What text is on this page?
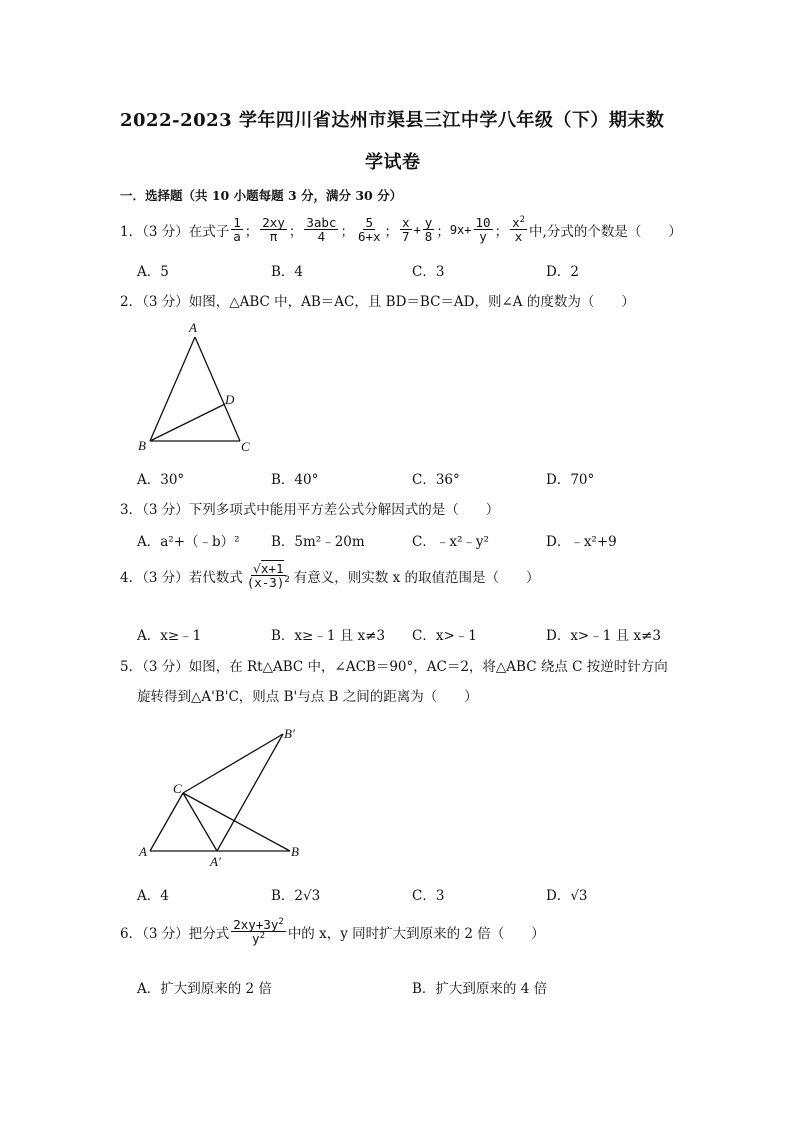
2022-2023 学年四川省达州市渠县三江中学八年级（下）期末数
学试卷
一．选择题（共 10 小题每题 3 分，满分 30 分）
1．（3 分）在式子 $\frac{1}{a}$ ； $\frac{2xy}{\pi}$ ； $\frac{\text{3abc}}{4}$ ； $\frac{5}{6+x}$ ； $\frac{x}{7} + \frac{y}{8}$ ； $9x+ \frac{10}{y}$ ； $\frac{x^2}{x}$ 中,分式的个数是（　　）
A．5	B．4	C．3	D．2
2．（3 分）如图，△ABC 中，AB＝AC，且 BD＝BC＝AD，则∠A 的度数为（　　）
A
B	C
D
A．30°	B．40°	C．36°	D．70°
3．（3 分）下列多项式中能用平方差公式分解因式的是（　　）
A．a²+（﹣b）² B．5m²﹣20m	C．﹣x²﹣y²	D．﹣x²+9
4．（3 分）若代数式 $\frac{√x+1}{(x-3)^2}$ 有意义，则实数 x 的取值范围是（　　）
A．x≥﹣1	B．x≥﹣1 且 x≠3 C．x>﹣1	D．x>﹣1 且 x≠3
5．（3 分）如图，在 Rt△ABC 中，∠ACB＝90°，AC＝2，将△ABC 绕点 C 按逆时针方向
旋转得到△A'B'C，则点 B'与点 B 之间的距离为（　　）
A
A′
B
B′
C
A．4	B．2√3	C．3	D．√3
6．（3 分）把分式 $\frac{2xy+3y^2}{y^2}$ 中的 x，y 同时扩大到原来的 2 倍（　　）
A．扩大到原来的 2 倍	B．扩大到原来的 4 倍
